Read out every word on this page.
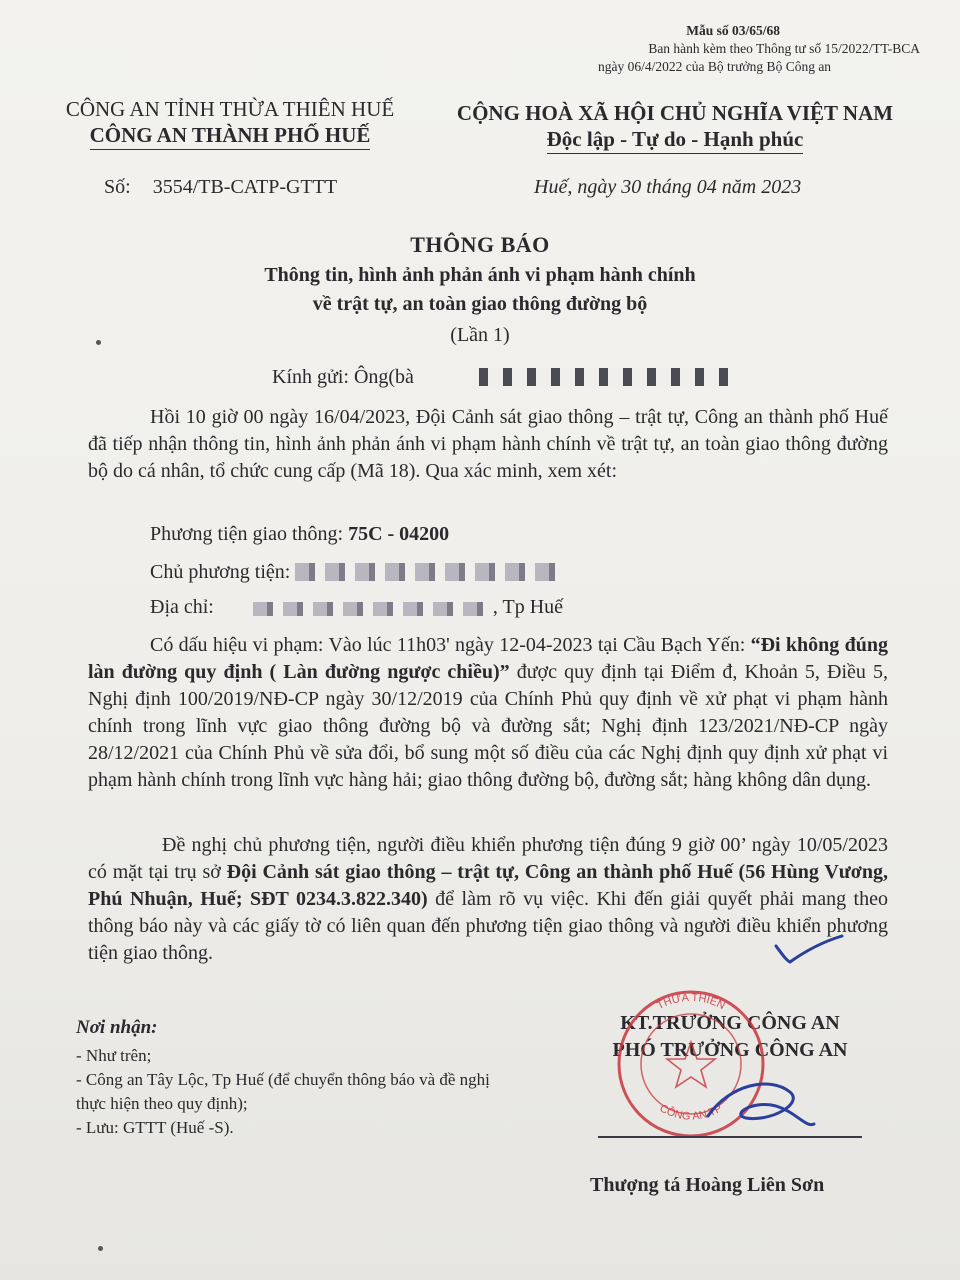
Mẫu số 03/65/68
Ban hành kèm theo Thông tư số 15/2022/TT-BCA
ngày 06/4/2022 của Bộ trưởng Bộ Công an
CÔNG AN TỈNH THỪA THIÊN HUẾ
CÔNG AN THÀNH PHỐ HUẾ
Số: 3554/TB-CATP-GTTT
CỘNG HOÀ XÃ HỘI CHỦ NGHĨA VIỆT NAM
Độc lập - Tự do - Hạnh phúc
Huế, ngày 30 tháng 04 năm 2023
THÔNG BÁO
Thông tin, hình ảnh phản ánh vi phạm hành chính
về trật tự, an toàn giao thông đường bộ
(Lần 1)
Kính gửi: Ông(bà
Hồi 10 giờ 00 ngày 16/04/2023, Đội Cảnh sát giao thông – trật tự, Công an thành phố Huế đã tiếp nhận thông tin, hình ảnh phản ánh vi phạm hành chính về trật tự, an toàn giao thông đường bộ do cá nhân, tổ chức cung cấp (Mã 18). Qua xác minh, xem xét:
Phương tiện giao thông: 75C - 04200
Chủ phương tiện:
Địa chỉ:	, Tp Huế
Có dấu hiệu vi phạm: Vào lúc 11h03' ngày 12-04-2023 tại Cầu Bạch Yến: “Đi không đúng làn đường quy định ( Làn đường ngược chiều)” được quy định tại Điểm đ, Khoản 5, Điều 5, Nghị định 100/2019/NĐ-CP ngày 30/12/2019 của Chính Phủ quy định về xử phạt vi phạm hành chính trong lĩnh vực giao thông đường bộ và đường sắt; Nghị định 123/2021/NĐ-CP ngày 28/12/2021 của Chính Phủ về sửa đổi, bổ sung một số điều của các Nghị định quy định xử phạt vi phạm hành chính trong lĩnh vực hàng hải; giao thông đường bộ, đường sắt; hàng không dân dụng.
Đề nghị chủ phương tiện, người điều khiển phương tiện đúng 9 giờ 00’ ngày 10/05/2023 có mặt tại trụ sở Đội Cảnh sát giao thông – trật tự, Công an thành phố Huế (56 Hùng Vương, Phú Nhuận, Huế; SĐT 0234.3.822.340) để làm rõ vụ việc. Khi đến giải quyết phải mang theo thông báo này và các giấy tờ có liên quan đến phương tiện giao thông và người điều khiển phương tiện giao thông.
Nơi nhận:
- Như trên;
- Công an Tây Lộc, Tp Huế (để chuyển thông báo và đề nghị thực hiện theo quy định);
- Lưu: GTTT (Huế -S).
KT.TRƯỞNG CÔNG AN
PHÓ TRƯỞNG CÔNG AN
THỪA THIÊN
CÔNG AN TP
Thượng tá Hoàng Liên Sơn
